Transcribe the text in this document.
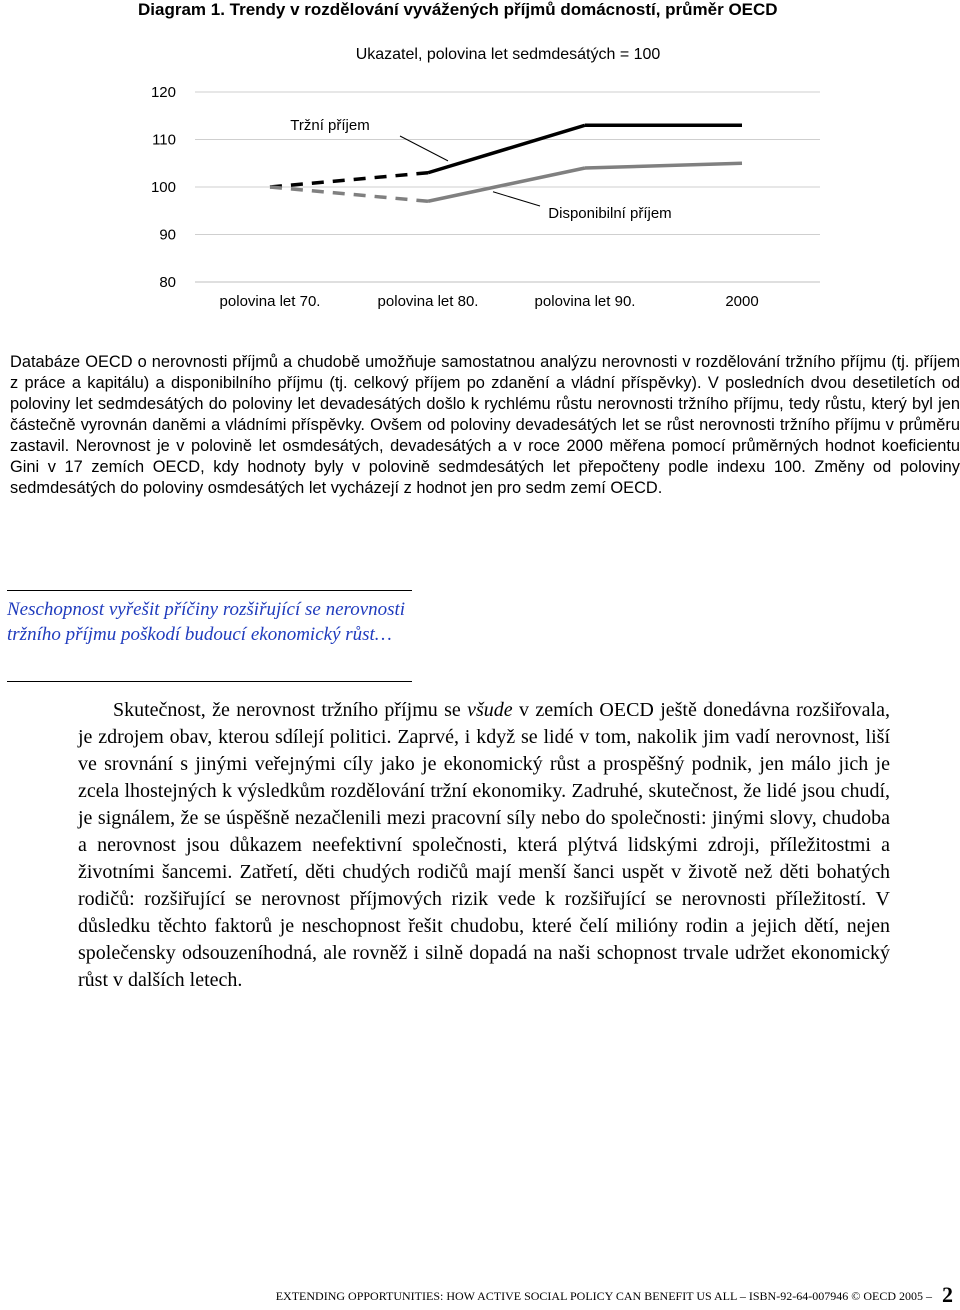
Diagram 1. Trendy v rozdělování vyvážených příjmů domácností, průměr OECD
Ukazatel, polovina let sedmdesátých = 100
80
90
100
110
120
polovina let 70.	polovina let 80.	polovina let 90.	2000
Tržní příjem
Disponibilní příjem

Databáze OECD o nerovnosti příjmů a chudobě umožňuje samostatnou analýzu nerovnosti v rozdělování tržního příjmu (tj. příjem z práce a kapitálu) a disponibilního příjmu (tj. celkový příjem po zdanění a vládní příspěvky). V posledních dvou desetiletích od poloviny let sedmdesátých do poloviny let devadesátých došlo k rychlému růstu nerovnosti tržního příjmu, tedy růstu, který byl jen částečně vyrovnán daněmi a vládními příspěvky. Ovšem od poloviny devadesátých let se růst nerovnosti tržního příjmu v průměru zastavil. Nerovnost je v polovině let osmdesátých, devadesátých a v roce 2000 měřena pomocí průměrných hodnot koeficientu Gini v 17 zemích OECD, kdy hodnoty byly v polovině sedmdesátých let přepočteny podle indexu 100. Změny od poloviny sedmdesátých do poloviny osmdesátých let vycházejí z hodnot jen pro sedm zemí OECD.

Neschopnost vyřešit příčiny rozšiřující se nerovnosti tržního příjmu poškodí budoucí ekonomický růst…

Skutečnost, že nerovnost tržního příjmu se všude v zemích OECD ještě donedávna rozšiřovala, je zdrojem obav, kterou sdílejí politici. Zaprvé, i když se lidé v tom, nakolik jim vadí nerovnost, liší ve srovnání s jinými veřejnými cíly jako je ekonomický růst a prospěšný podnik, jen málo jich je zcela lhostejných k výsledkům rozdělování tržní ekonomiky. Zadruhé, skutečnost, že lidé jsou chudí, je signálem, že se úspěšně nezačlenili mezi pracovní síly nebo do společnosti: jinými slovy, chudoba a nerovnost jsou důkazem neefektivní společnosti, která plýtvá lidskými zdroji, příležitostmi a životními šancemi. Zatřetí, děti chudých rodičů mají menší šanci uspět v životě než děti bohatých rodičů: rozšiřující se nerovnost příjmových rizik vede k rozšiřující se nerovnosti příležitostí. V důsledku těchto faktorů je neschopnost řešit chudobu, které čelí milióny rodin a jejich dětí, nejen společensky odsouzeníhodná, ale rovněž i silně dopadá na naši schopnost trvale udržet ekonomický růst v dalších letech.

EXTENDING OPPORTUNITIES: HOW ACTIVE SOCIAL POLICY CAN BENEFIT US ALL – ISBN-92-64-007946 © OECD 2005 – 2
